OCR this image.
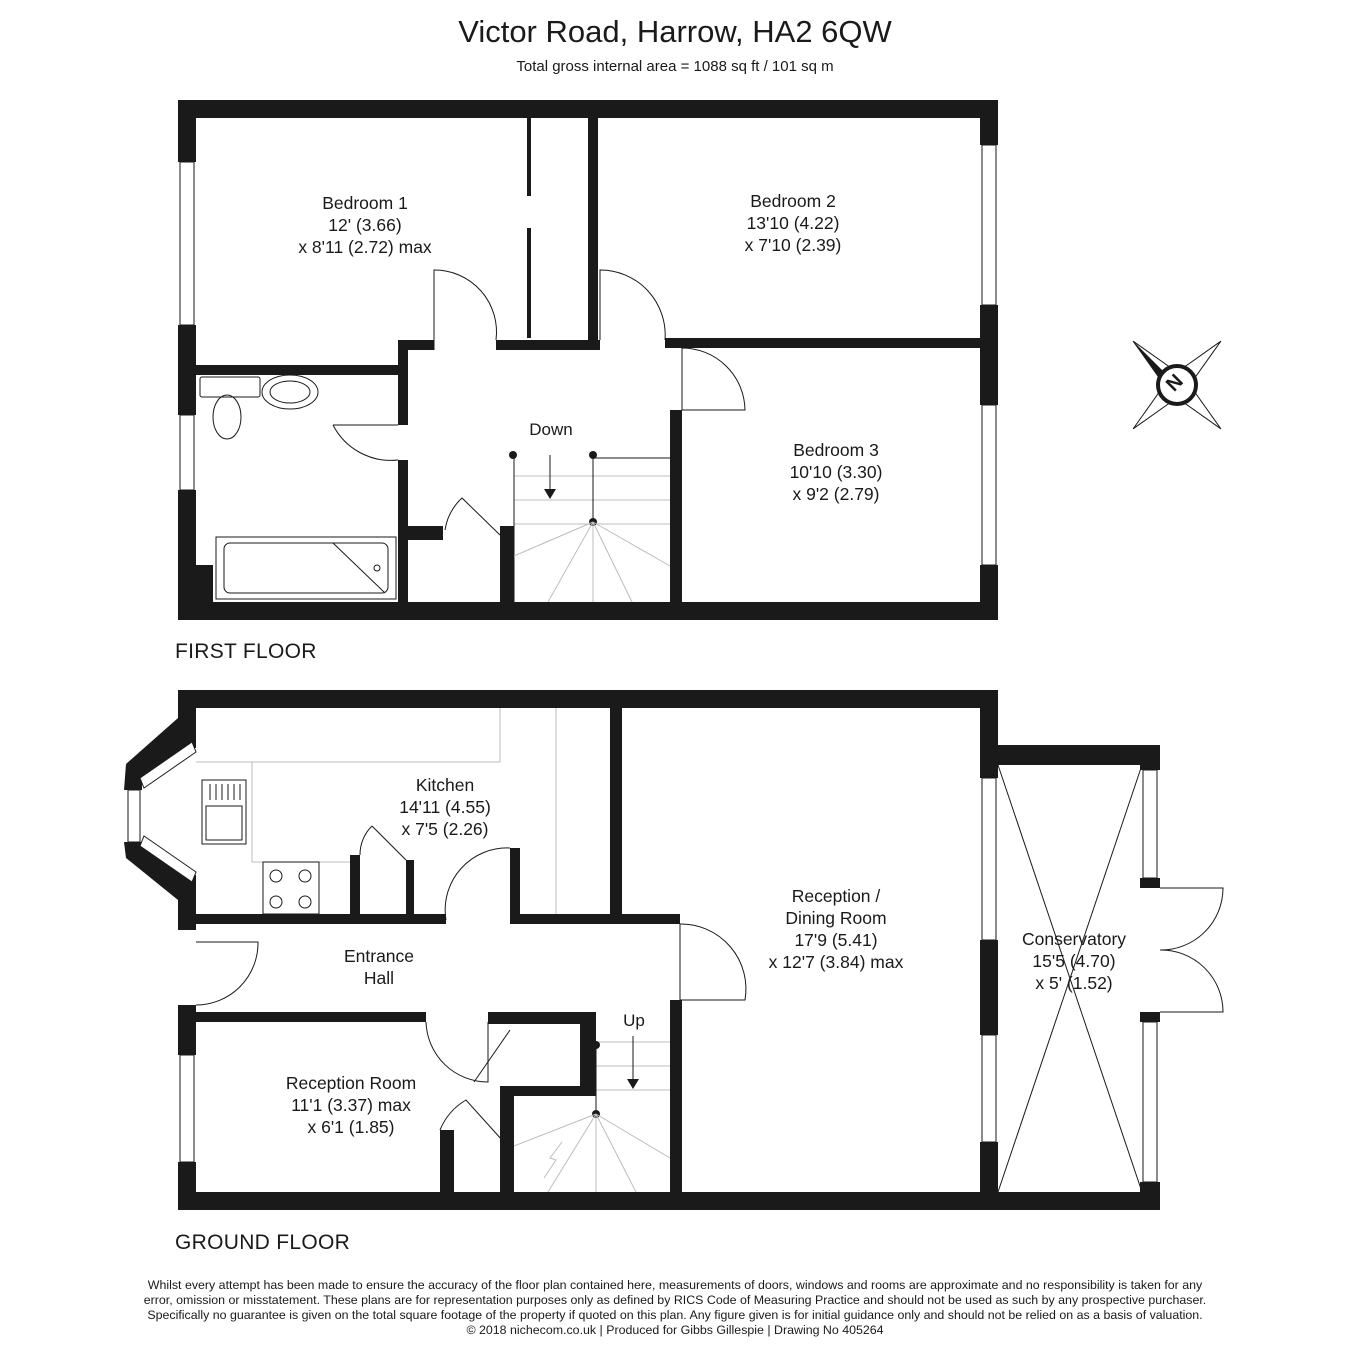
Victor Road, Harrow, HA2 6QW
Total gross internal area = 1088 sq ft / 101 sq m
N
FIRST FLOOR
GROUND FLOOR
Down
Up
Bedroom 1
12' (3.66)
x 8'11 (2.72) max
Bedroom 2
13'10 (4.22)
x 7'10 (2.39)
Bedroom 3
10'10 (3.30)
x 9'2 (2.79)
Kitchen
14'11 (4.55)
x 7'5 (2.26)
Entrance
Hall
Reception /
Dining Room
17'9 (5.41)
x 12'7 (3.84) max
Conservatory
15'5 (4.70)
x 5' (1.52)
Reception Room
11'1 (3.37) max
x 6'1 (1.85)
Whilst every attempt has been made to ensure the accuracy of the floor plan contained here, measurements of doors, windows and rooms are approximate and no responsibility is taken for any
error, omission or misstatement. These plans are for representation purposes only as defined by RICS Code of Measuring Practice and should not be used as such by any prospective purchaser.
Specifically no guarantee is given on the total square footage of the property if quoted on this plan. Any figure given is for initial guidance only and should not be relied on as a basis of valuation.
© 2018 nichecom.co.uk | Produced for Gibbs Gillespie | Drawing No 405264
